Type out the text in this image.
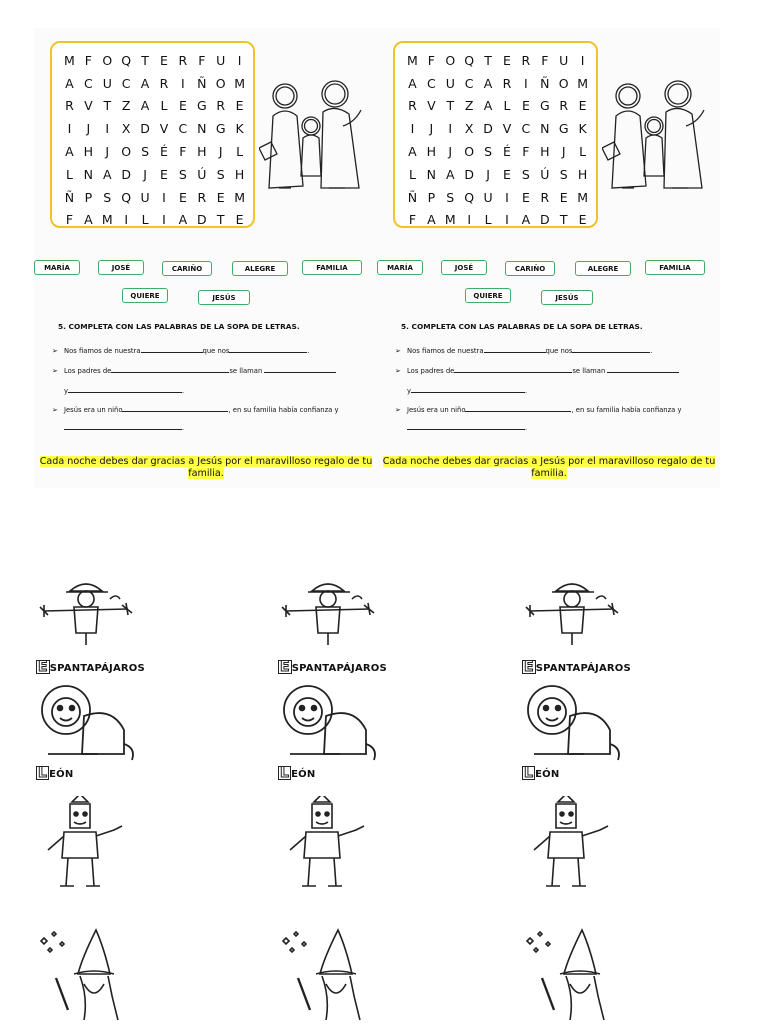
M F O Q T E R F U I
A C U C A R	I Ñ O M
R V T Z A L E G R E
I	J	I	X D V C N G K
A H J O S É F H J	L
L N A D J	E S Ú S H
Ñ P S Q U I	E R E M
F A M I	L	I	A D T E
MARÍA	JOSÉ	CARIÑO	ALEGRE	FAMILIA
QUIERE	JESÚS
5. COMPLETA CON LAS PALABRAS DE LA SOPA DE LETRAS.
➢ Nos fiamos de nuestra	que nos	.
➢ Los padres de	se llaman
y	.
➢ Jesús era un niño	, en su familia había confianza y
.
Cada noche debes dar gracias a Jesús por el maravilloso regalo de tu familia.
M F O Q T E R F U I
A C U C A R	I Ñ O M
R V T Z A L E G R E
I	J	I	X D V C N G K
A H J O S É F H J	L
L N A D J	E S Ú S H
Ñ P S Q U I	E R E M
F A M I	L	I	A D T E
MARÍA	JOSÉ	CARIÑO	ALEGRE	FAMILIA
QUIERE	JESÚS
5. COMPLETA CON LAS PALABRAS DE LA SOPA DE LETRAS.
➢ Nos fiamos de nuestra	que nos	.
➢ Los padres de	se llaman
y	.
➢ Jesús era un niño	, en su familia había confianza y
.
Cada noche debes dar gracias a Jesús por el maravilloso regalo de tu familia.
E SPANTAPÁJAROS
L EÓN
E SPANTAPÁJAROS
L EÓN
E SPANTAPÁJAROS
L EÓN
